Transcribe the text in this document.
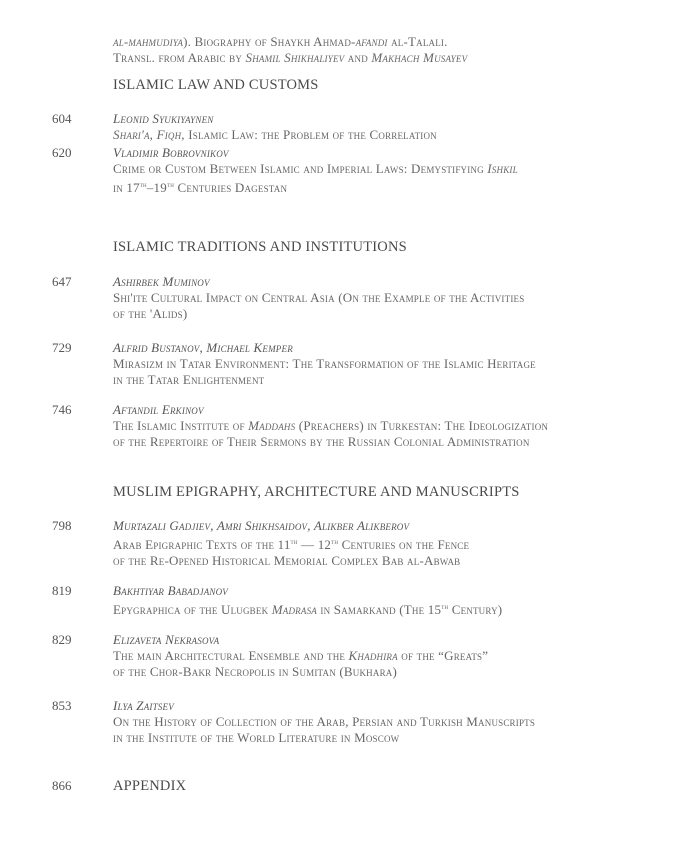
al-mahmudiya). Biography of Shaykh Ahmad-afandi al-Talali.
Transl. from Arabic by Shamil Shikhaliyev and Makhach Musayev
ISLAMIC LAW AND CUSTOMS
ISLAMIC TRADITIONS AND INSTITUTIONS
MUSLIM EPIGRAPHY, ARCHITECTURE AND MANUSCRIPTS
604	Leonid Syukiyaynen
Shari'a, Fiqh, Islamic Law: the Problem of the Correlation
620	Vladimir Bobrovnikov
Crime or Custom Between Islamic and Imperial Laws: Demystifying Ishkil
in 17th–19th Centuries Dagestan
647	Ashirbek Muminov
Shi'ite Cultural Impact on Central Asia (On the Example of the Activities
of the 'Alids)
729	Alfrid Bustanov, Michael Kemper
Mirasizm in Tatar Environment: The Transformation of the Islamic Heritage
in the Tatar Enlightenment
746	Aftandil Erkinov
The Islamic Institute of Maddahs (Preachers) in Turkestan: The Ideologization
of the Repertoire of Their Sermons by the Russian Colonial Administration
798	Murtazali Gadjiev, Amri Shikhsaidov, Alikber Alikberov
Arab Epigraphic Texts of the 11th — 12th Centuries on the Fence
of the Re-Opened Historical Memorial Complex Bab al-Abwab
819	Bakhtiyar Babadjanov
Epygraphica of the Ulugbek Madrasa in Samarkand (The 15th Century)
829	Elizaveta Nekrasova
The main Architectural Ensemble and the Khadhira of the “Greats”
of the Chor-Bakr Necropolis in Sumitan (Bukhara)
853	Ilya Zaitsev
On the History of Collection of the Arab, Persian and Turkish Manuscripts
in the Institute of the World Literature in Moscow
866	APPENDIX
